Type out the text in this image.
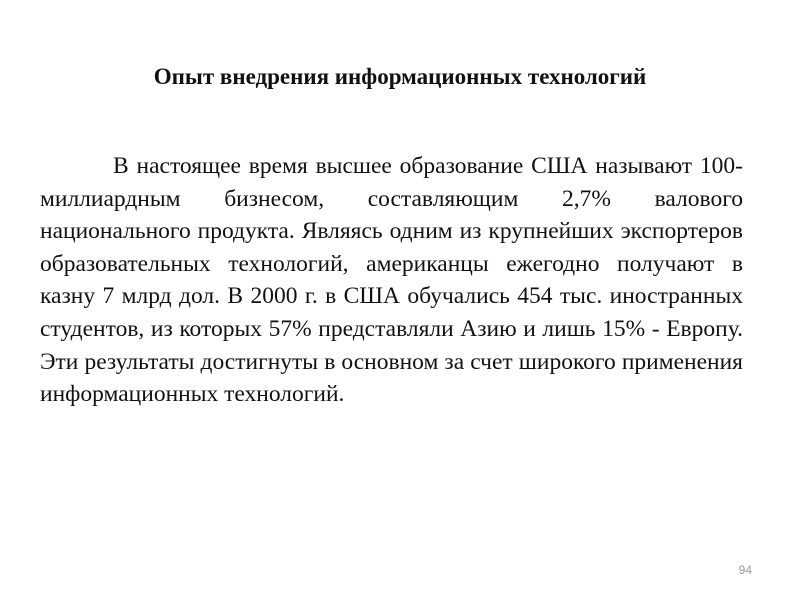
Опыт внедрения информационных технологий

В настоящее время высшее образование США называют 100-миллиардным бизнесом, составляющим 2,7% валового национального продукта. Являясь одним из крупнейших экспортеров образовательных технологий, американцы ежегодно получают в казну 7 млрд дол. В 2000 г. в США обучались 454 тыс. иностранных студентов, из которых 57% представляли Азию и лишь 15% - Европу. Эти результаты достигнуты в основном за счет широкого применения информационных технологий.

94
